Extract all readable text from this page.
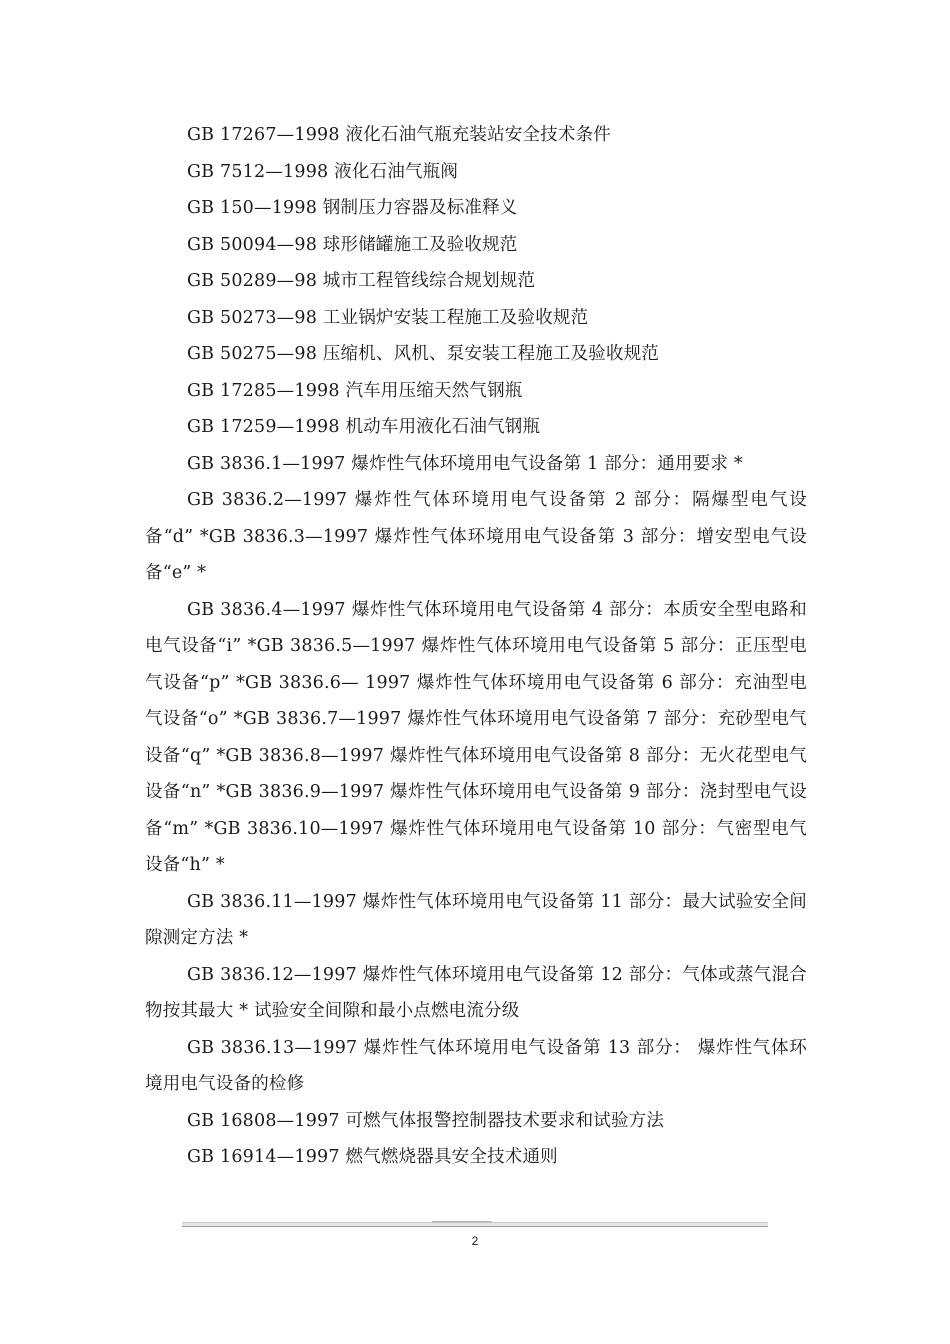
GB 17267—1998 液化石油气瓶充装站安全技术条件

GB 7512—1998 液化石油气瓶阀

GB 150—1998 钢制压力容器及标准释义

GB 50094—98 球形储罐施工及验收规范

GB 50289—98 城市工程管线综合规划规范

GB 50273—98 工业锅炉安装工程施工及验收规范

GB 50275—98 压缩机、风机、泵安装工程施工及验收规范

GB 17285—1998 汽车用压缩天然气钢瓶

GB 17259—1998 机动车用液化石油气钢瓶

GB 3836.1—1997 爆炸性气体环境用电气设备第 1 部分：通用要求 *

GB 3836.2—1997 爆炸性气体环境用电气设备第 2 部分：隔爆型电气设备“d” *GB 3836.3—1997 爆炸性气体环境用电气设备第 3 部分：增安型电气设备“e” *

GB 3836.4—1997 爆炸性气体环境用电气设备第 4 部分：本质安全型电路和电气设备“i” *GB 3836.5—1997 爆炸性气体环境用电气设备第 5 部分：正压型电气设备“p” *GB 3836.6— 1997 爆炸性气体环境用电气设备第 6 部分：充油型电气设备“o” *GB 3836.7—1997 爆炸性气体环境用电气设备第 7 部分：充砂型电气设备“q” *GB 3836.8—1997 爆炸性气体环境用电气设备第 8 部分：无火花型电气设备“n” *GB 3836.9—1997 爆炸性气体环境用电气设备第 9 部分：浇封型电气设备“m” *GB 3836.10—1997 爆炸性气体环境用电气设备第 10 部分：气密型电气设备“h” *

GB 3836.11—1997 爆炸性气体环境用电气设备第 11 部分：最大试验安全间隙测定方法 *

GB 3836.12—1997 爆炸性气体环境用电气设备第 12 部分：气体或蒸气混合物按其最大 * 试验安全间隙和最小点燃电流分级

GB 3836.13—1997 爆炸性气体环境用电气设备第 13 部分： 爆炸性气体环境用电气设备的检修

GB 16808—1997 可燃气体报警控制器技术要求和试验方法

GB 16914—1997 燃气燃烧器具安全技术通则

2
